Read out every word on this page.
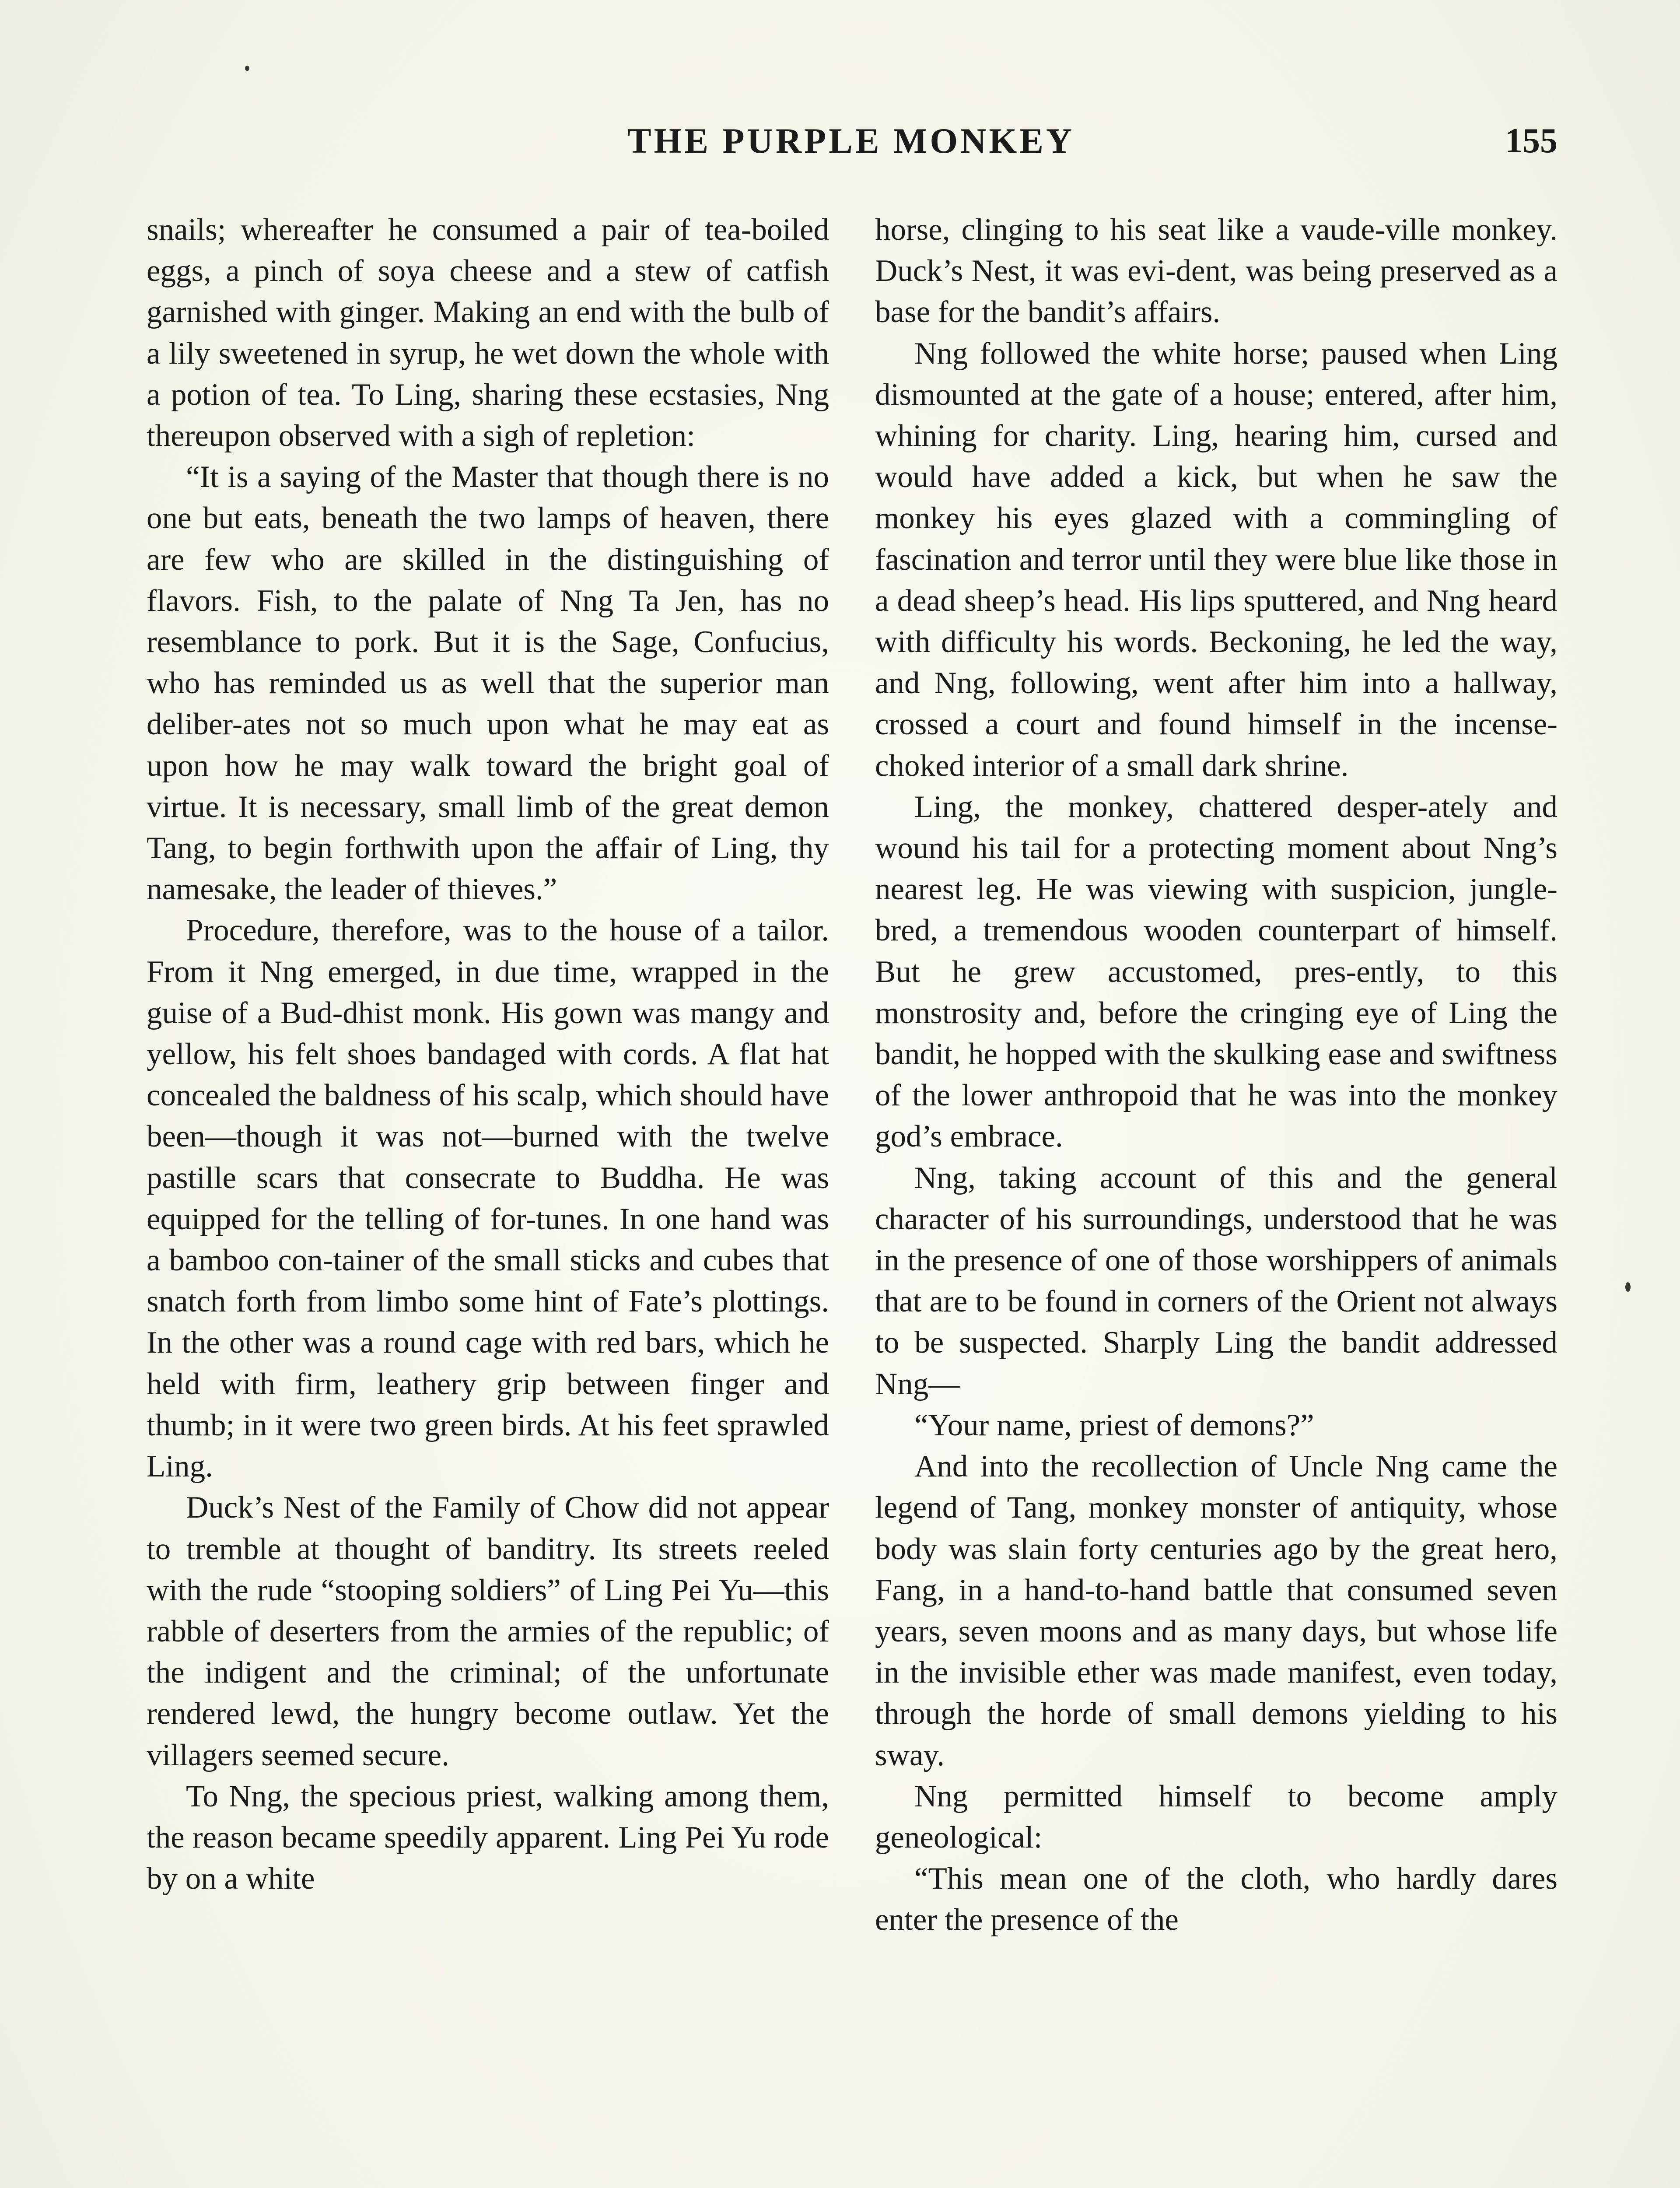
THE PURPLE MONKEY	155

snails; whereafter he consumed a pair of tea-boiled eggs, a pinch of soya cheese and a stew of catfish garnished with ginger. Making an end with the bulb of a lily sweetened in syrup, he wet down the whole with a potion of tea. To Ling, sharing these ecstasies, Nng thereupon observed with a sigh of repletion:

“It is a saying of the Master that though there is no one but eats, beneath the two lamps of heaven, there are few who are skilled in the distinguishing of flavors. Fish, to the palate of Nng Ta Jen, has no resemblance to pork. But it is the Sage, Confucius, who has reminded us as well that the superior man deliber-ates not so much upon what he may eat as upon how he may walk toward the bright goal of virtue. It is necessary, small limb of the great demon Tang, to begin forthwith upon the affair of Ling, thy namesake, the leader of thieves.”

Procedure, therefore, was to the house of a tailor. From it Nng emerged, in due time, wrapped in the guise of a Bud-dhist monk. His gown was mangy and yellow, his felt shoes bandaged with cords. A flat hat concealed the baldness of his scalp, which should have been—though it was not—burned with the twelve pastille scars that consecrate to Buddha. He was equipped for the telling of for-tunes. In one hand was a bamboo con-tainer of the small sticks and cubes that snatch forth from limbo some hint of Fate’s plottings. In the other was a round cage with red bars, which he held with firm, leathery grip between finger and thumb; in it were two green birds. At his feet sprawled Ling.

Duck’s Nest of the Family of Chow did not appear to tremble at thought of banditry. Its streets reeled with the rude “stooping soldiers” of Ling Pei Yu—this rabble of deserters from the armies of the republic; of the indigent and the criminal; of the unfortunate rendered lewd, the hungry become outlaw. Yet the villagers seemed secure.

To Nng, the specious priest, walking among them, the reason became speedily apparent. Ling Pei Yu rode by on a white

horse, clinging to his seat like a vaude-ville monkey. Duck’s Nest, it was evi-dent, was being preserved as a base for the bandit’s affairs.

Nng followed the white horse; paused when Ling dismounted at the gate of a house; entered, after him, whining for charity. Ling, hearing him, cursed and would have added a kick, but when he saw the monkey his eyes glazed with a commingling of fascination and terror until they were blue like those in a dead sheep’s head. His lips sputtered, and Nng heard with difficulty his words. Beckoning, he led the way, and Nng, following, went after him into a hallway, crossed a court and found himself in the incense-choked interior of a small dark shrine.

Ling, the monkey, chattered desper-ately and wound his tail for a protecting moment about Nng’s nearest leg. He was viewing with suspicion, jungle-bred, a tremendous wooden counterpart of himself. But he grew accustomed, pres-ently, to this monstrosity and, before the cringing eye of Ling the bandit, he hopped with the skulking ease and swiftness of the lower anthropoid that he was into the monkey god’s embrace.

Nng, taking account of this and the general character of his surroundings, understood that he was in the presence of one of those worshippers of animals that are to be found in corners of the Orient not always to be suspected. Sharply Ling the bandit addressed Nng—

“Your name, priest of demons?”

And into the recollection of Uncle Nng came the legend of Tang, monkey monster of antiquity, whose body was slain forty centuries ago by the great hero, Fang, in a hand-to-hand battle that consumed seven years, seven moons and as many days, but whose life in the invisible ether was made manifest, even today, through the horde of small demons yielding to his sway.

Nng permitted himself to become amply geneological:

“This mean one of the cloth, who hardly dares enter the presence of the
